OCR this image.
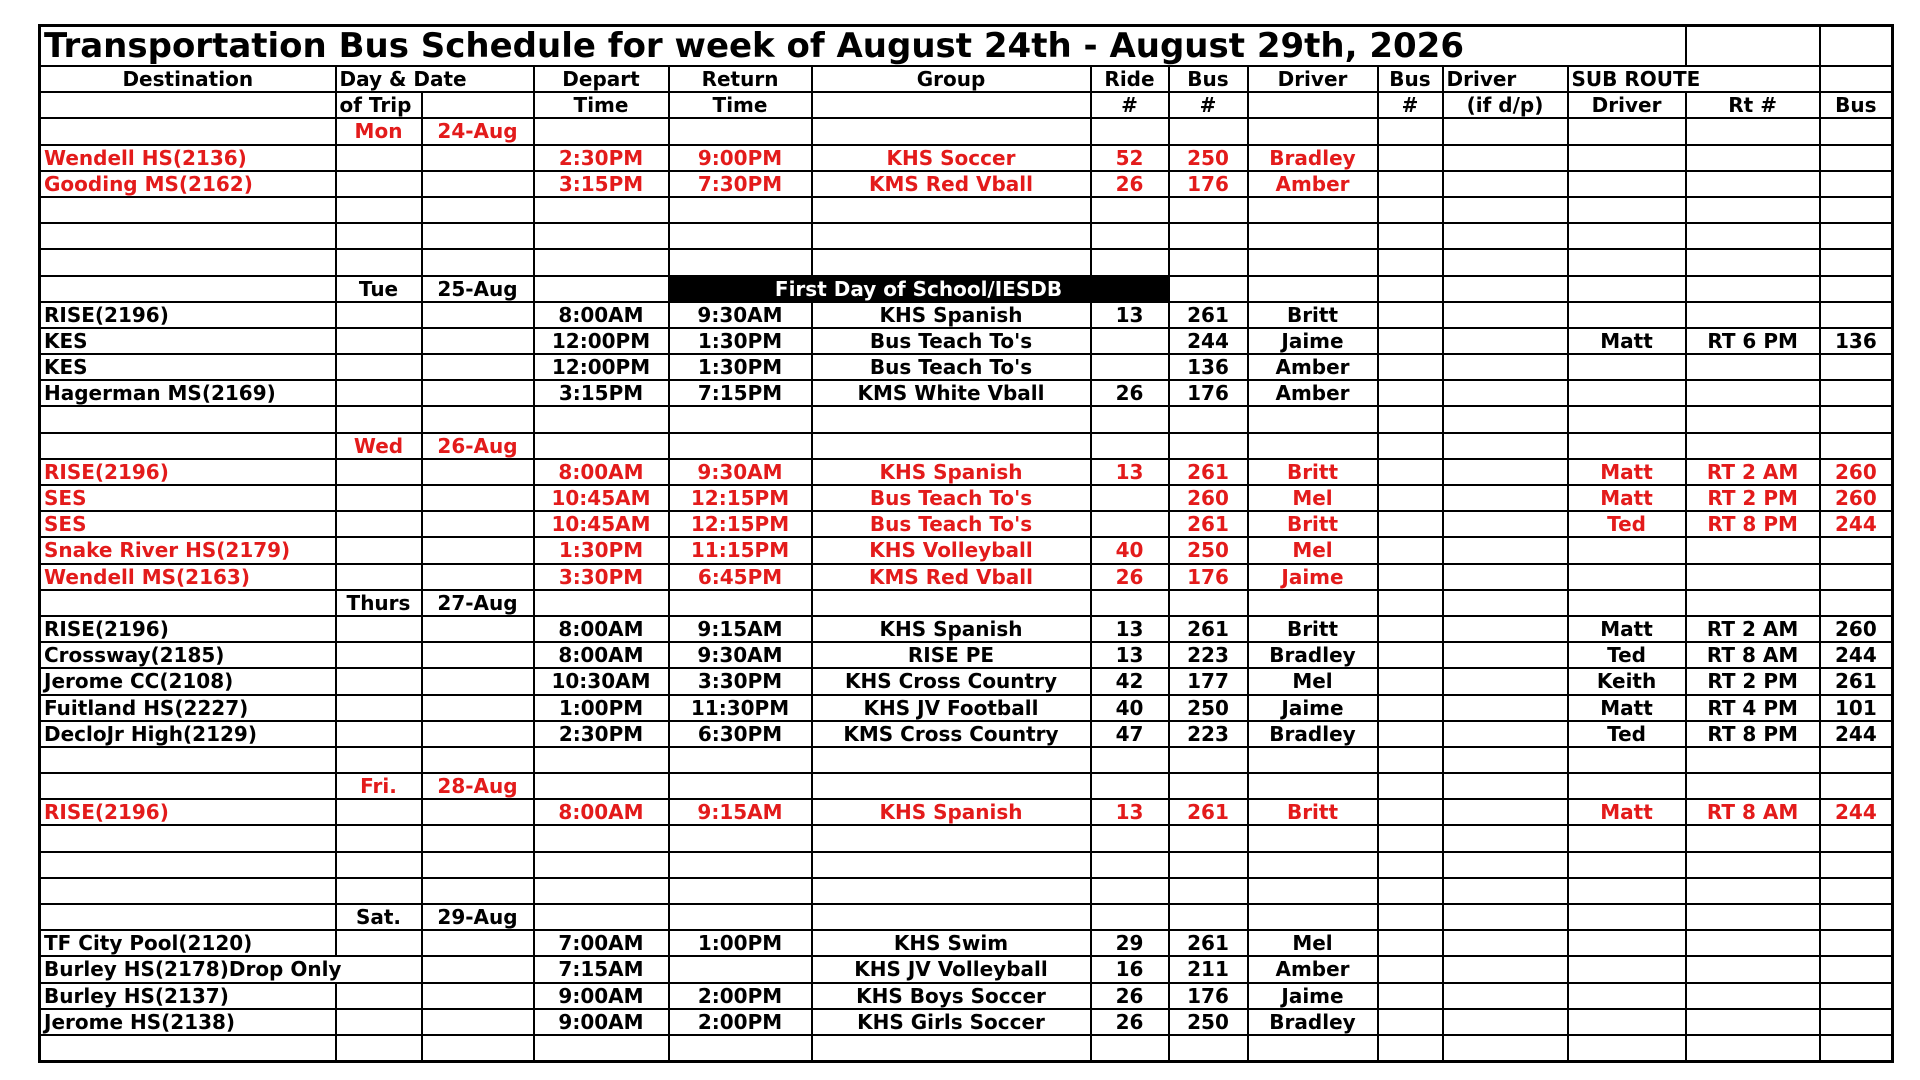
Transportation Bus Schedule for week of August 24th - August 29th, 2026													
Destination	Day & Date		Depart	Return	Group	Ride	Bus	Driver	Bus	Driver	SUB ROUTE		
	of Trip		Time	Time		#	#		#	(if d/p)	Driver	Rt #	Bus
	Mon	24-Aug											
Wendell HS(2136)			2:30PM	9:00PM	KHS Soccer	52	250	Bradley					
Gooding MS(2162)			3:15PM	7:30PM	KMS Red Vball	26	176	Amber					

	Tue	25-Aug		First Day of School/IESDB									
RISE(2196)			8:00AM	9:30AM	KHS Spanish	13	261	Britt					
KES			12:00PM	1:30PM	Bus Teach To's		244	Jaime			Matt	RT 6 PM	136
KES			12:00PM	1:30PM	Bus Teach To's		136	Amber					
Hagerman MS(2169)			3:15PM	7:15PM	KMS White Vball	26	176	Amber					

	Wed	26-Aug											
RISE(2196)			8:00AM	9:30AM	KHS Spanish	13	261	Britt			Matt	RT 2 AM	260
SES			10:45AM	12:15PM	Bus Teach To's		260	Mel			Matt	RT 2 PM	260
SES			10:45AM	12:15PM	Bus Teach To's		261	Britt			Ted	RT 8 PM	244
Snake River HS(2179)			1:30PM	11:15PM	KHS Volleyball	40	250	Mel					
Wendell MS(2163)			3:30PM	6:45PM	KMS Red Vball	26	176	Jaime					
	Thurs	27-Aug											
RISE(2196)			8:00AM	9:15AM	KHS Spanish	13	261	Britt			Matt	RT 2 AM	260
Crossway(2185)			8:00AM	9:30AM	RISE PE	13	223	Bradley			Ted	RT 8 AM	244
Jerome CC(2108)			10:30AM	3:30PM	KHS Cross Country	42	177	Mel			Keith	RT 2 PM	261
Fuitland HS(2227)			1:00PM	11:30PM	KHS JV Football	40	250	Jaime			Matt	RT 4 PM	101
DecloJr High(2129)			2:30PM	6:30PM	KMS Cross Country	47	223	Bradley			Ted	RT 8 PM	244

	Fri.	28-Aug											
RISE(2196)			8:00AM	9:15AM	KHS Spanish	13	261	Britt			Matt	RT 8 AM	244

	Sat.	29-Aug											
TF City Pool(2120)			7:00AM	1:00PM	KHS Swim	29	261	Mel					
Burley HS(2178)Drop Only			7:15AM		KHS JV Volleyball	16	211	Amber					
Burley HS(2137)			9:00AM	2:00PM	KHS Boys Soccer	26	176	Jaime					
Jerome HS(2138)			9:00AM	2:00PM	KHS Girls Soccer	26	250	Bradley					
